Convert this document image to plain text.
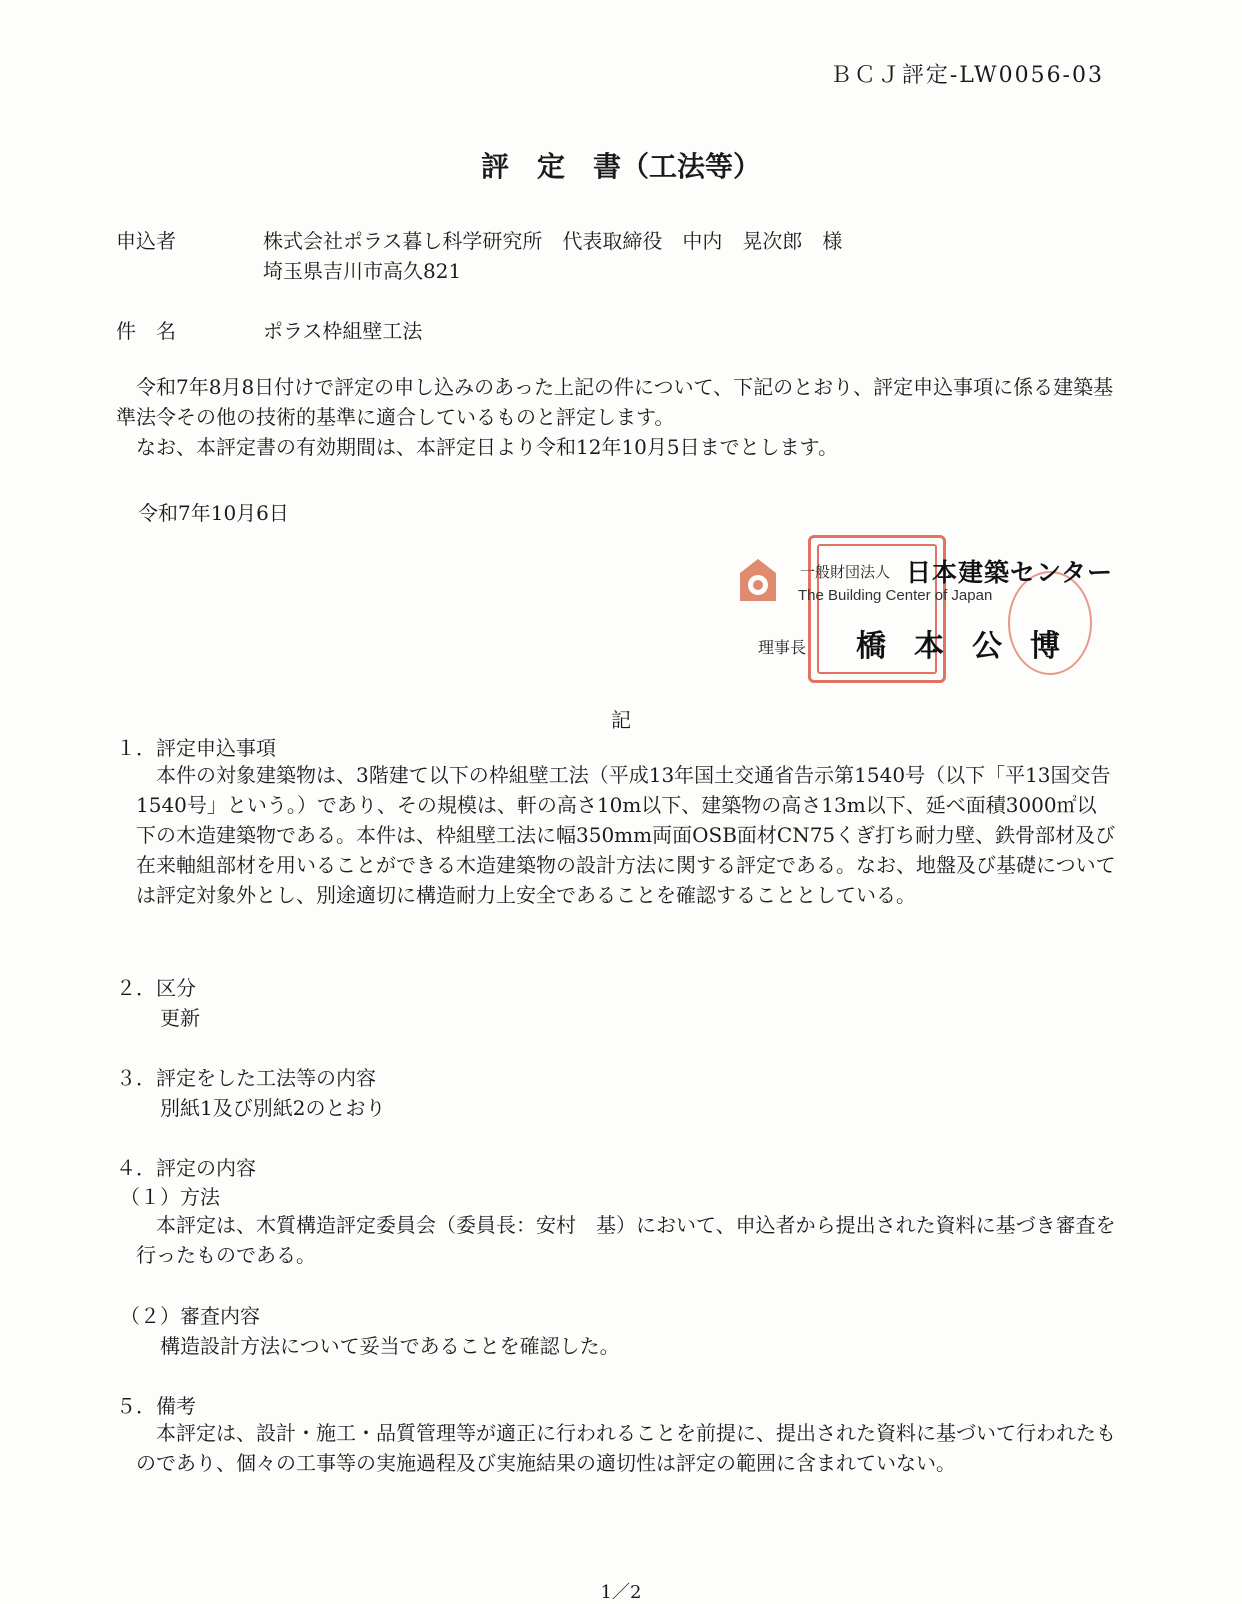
ＢＣＪ評定-LW0056-03
評　定　書（工法等）
申込者	株式会社ポラス暮し科学研究所　代表取締役　中内　晃次郎　様
埼玉県吉川市高久821
件　名	ポラス枠組壁工法

令和7年8月8日付けで評定の申し込みのあった上記の件について、下記のとおり、評定申込事項に係る建築基準法令その他の技術的基準に適合しているものと評定します。

なお、本評定書の有効期間は、本評定日より令和12年10月5日までとします。

令和7年10月6日
一般財団法人 日本建築センター
The Building Center of Japan
理事長 橋本公博
記
１．評定申込事項
本件の対象建築物は、3階建て以下の枠組壁工法（平成13年国土交通省告示第1540号（以下「平13国交告1540号」という。）であり、その規模は、軒の高さ10m以下、建築物の高さ13m以下、延べ面積3000㎡以下の木造建築物である。本件は、枠組壁工法に幅350mm両面OSB面材CN75くぎ打ち耐力壁、鉄骨部材及び在来軸組部材を用いることができる木造建築物の設計方法に関する評定である。なお、地盤及び基礎については評定対象外とし、別途適切に構造耐力上安全であることを確認することとしている。
２．区分
更新
３．評定をした工法等の内容
別紙1及び別紙2のとおり
４．評定の内容
（１）方法
本評定は、木質構造評定委員会（委員長：安村　基）において、申込者から提出された資料に基づき審査を行ったものである。
（２）審査内容
構造設計方法について妥当であることを確認した。
５．備考
本評定は、設計・施工・品質管理等が適正に行われることを前提に、提出された資料に基づいて行われたものであり、個々の工事等の実施過程及び実施結果の適切性は評定の範囲に含まれていない。
1／2
